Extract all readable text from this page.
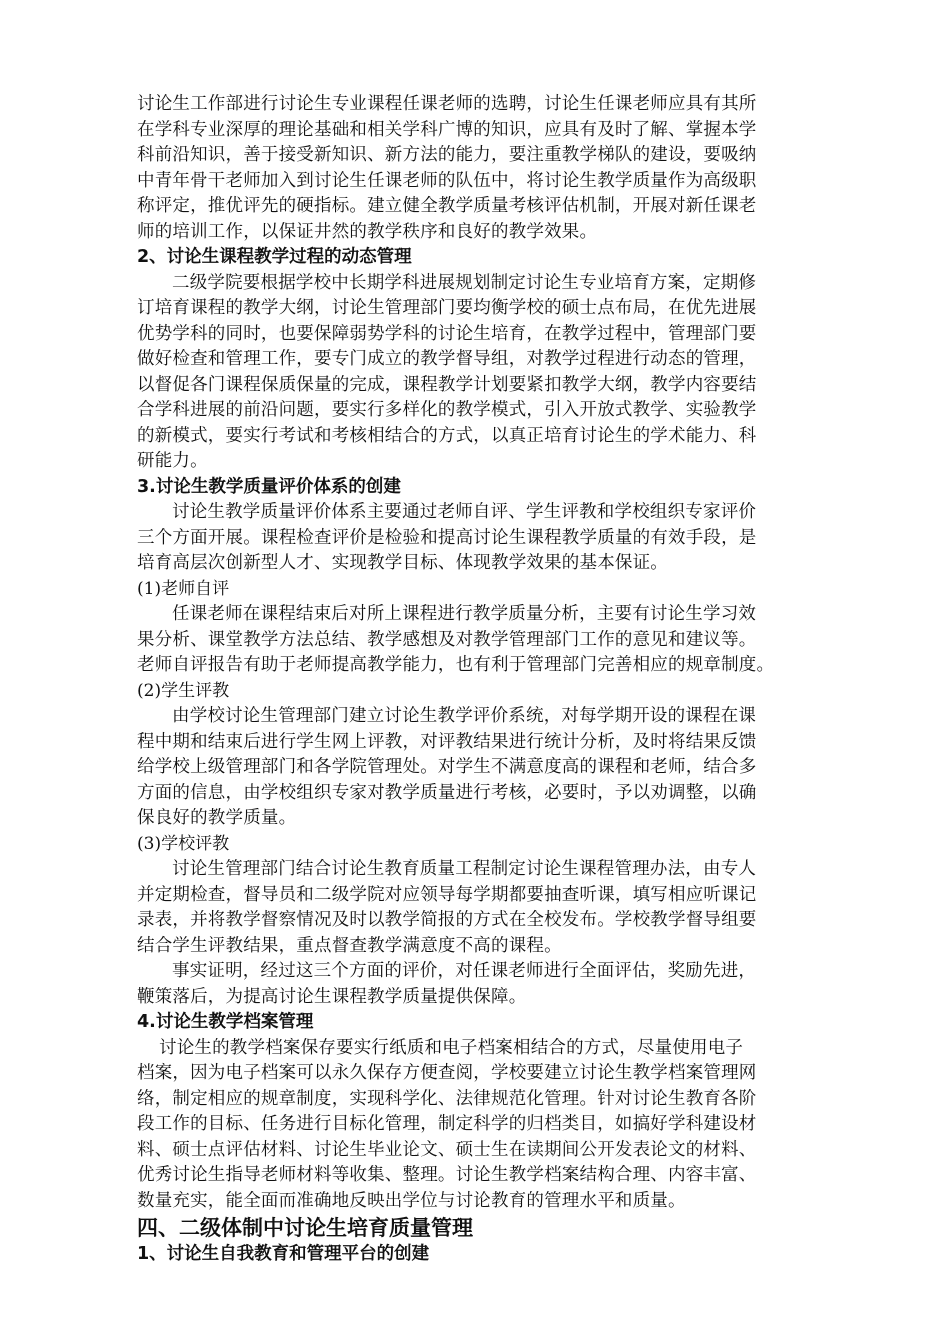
讨论生工作部进行讨论生专业课程任课老师的选聘，讨论生任课老师应具有其所
在学科专业深厚的理论基础和相关学科广博的知识，应具有及时了解、掌握本学
科前沿知识，善于接受新知识、新方法的能力，要注重教学梯队的建设，要吸纳
中青年骨干老师加入到讨论生任课老师的队伍中，将讨论生教学质量作为高级职
称评定，推优评先的硬指标。建立健全教学质量考核评估机制，开展对新任课老
师的培训工作，以保证井然的教学秩序和良好的教学效果。
2、讨论生课程教学过程的动态管理
二级学院要根据学校中长期学科进展规划制定讨论生专业培育方案，定期修
订培育课程的教学大纲，讨论生管理部门要均衡学校的硕士点布局，在优先进展
优势学科的同时，也要保障弱势学科的讨论生培育，在教学过程中，管理部门要
做好检查和管理工作，要专门成立的教学督导组，对教学过程进行动态的管理，
以督促各门课程保质保量的完成，课程教学计划要紧扣教学大纲，教学内容要结
合学科进展的前沿问题，要实行多样化的教学模式，引入开放式教学、实验教学
的新模式，要实行考试和考核相结合的方式，以真正培育讨论生的学术能力、科
研能力。
3.讨论生教学质量评价体系的创建
讨论生教学质量评价体系主要通过老师自评、学生评教和学校组织专家评价
三个方面开展。课程检查评价是检验和提高讨论生课程教学质量的有效手段，是
培育高层次创新型人才、实现教学目标、体现教学效果的基本保证。
(1)老师自评
任课老师在课程结束后对所上课程进行教学质量分析，主要有讨论生学习效
果分析、课堂教学方法总结、教学感想及对教学管理部门工作的意见和建议等。
老师自评报告有助于老师提高教学能力，也有利于管理部门完善相应的规章制度。
(2)学生评教
由学校讨论生管理部门建立讨论生教学评价系统，对每学期开设的课程在课
程中期和结束后进行学生网上评教，对评教结果进行统计分析，及时将结果反馈
给学校上级管理部门和各学院管理处。对学生不满意度高的课程和老师，结合多
方面的信息，由学校组织专家对教学质量进行考核，必要时，予以劝调整，以确
保良好的教学质量。
(3)学校评教
讨论生管理部门结合讨论生教育质量工程制定讨论生课程管理办法，由专人
并定期检查，督导员和二级学院对应领导每学期都要抽查听课，填写相应听课记
录表，并将教学督察情况及时以教学简报的方式在全校发布。学校教学督导组要
结合学生评教结果，重点督查教学满意度不高的课程。
事实证明，经过这三个方面的评价，对任课老师进行全面评估，奖励先进，
鞭策落后，为提高讨论生课程教学质量提供保障。
4.讨论生教学档案管理
讨论生的教学档案保存要实行纸质和电子档案相结合的方式，尽量使用电子
档案，因为电子档案可以永久保存方便查阅，学校要建立讨论生教学档案管理网
络，制定相应的规章制度，实现科学化、法律规范化管理。针对讨论生教育各阶
段工作的目标、任务进行目标化管理，制定科学的归档类目，如搞好学科建设材
料、硕士点评估材料、讨论生毕业论文、硕士生在读期间公开发表论文的材料、
优秀讨论生指导老师材料等收集、整理。讨论生教学档案结构合理、内容丰富、
数量充实，能全面而准确地反映出学位与讨论教育的管理水平和质量。
四、二级体制中讨论生培育质量管理
1、讨论生自我教育和管理平台的创建
